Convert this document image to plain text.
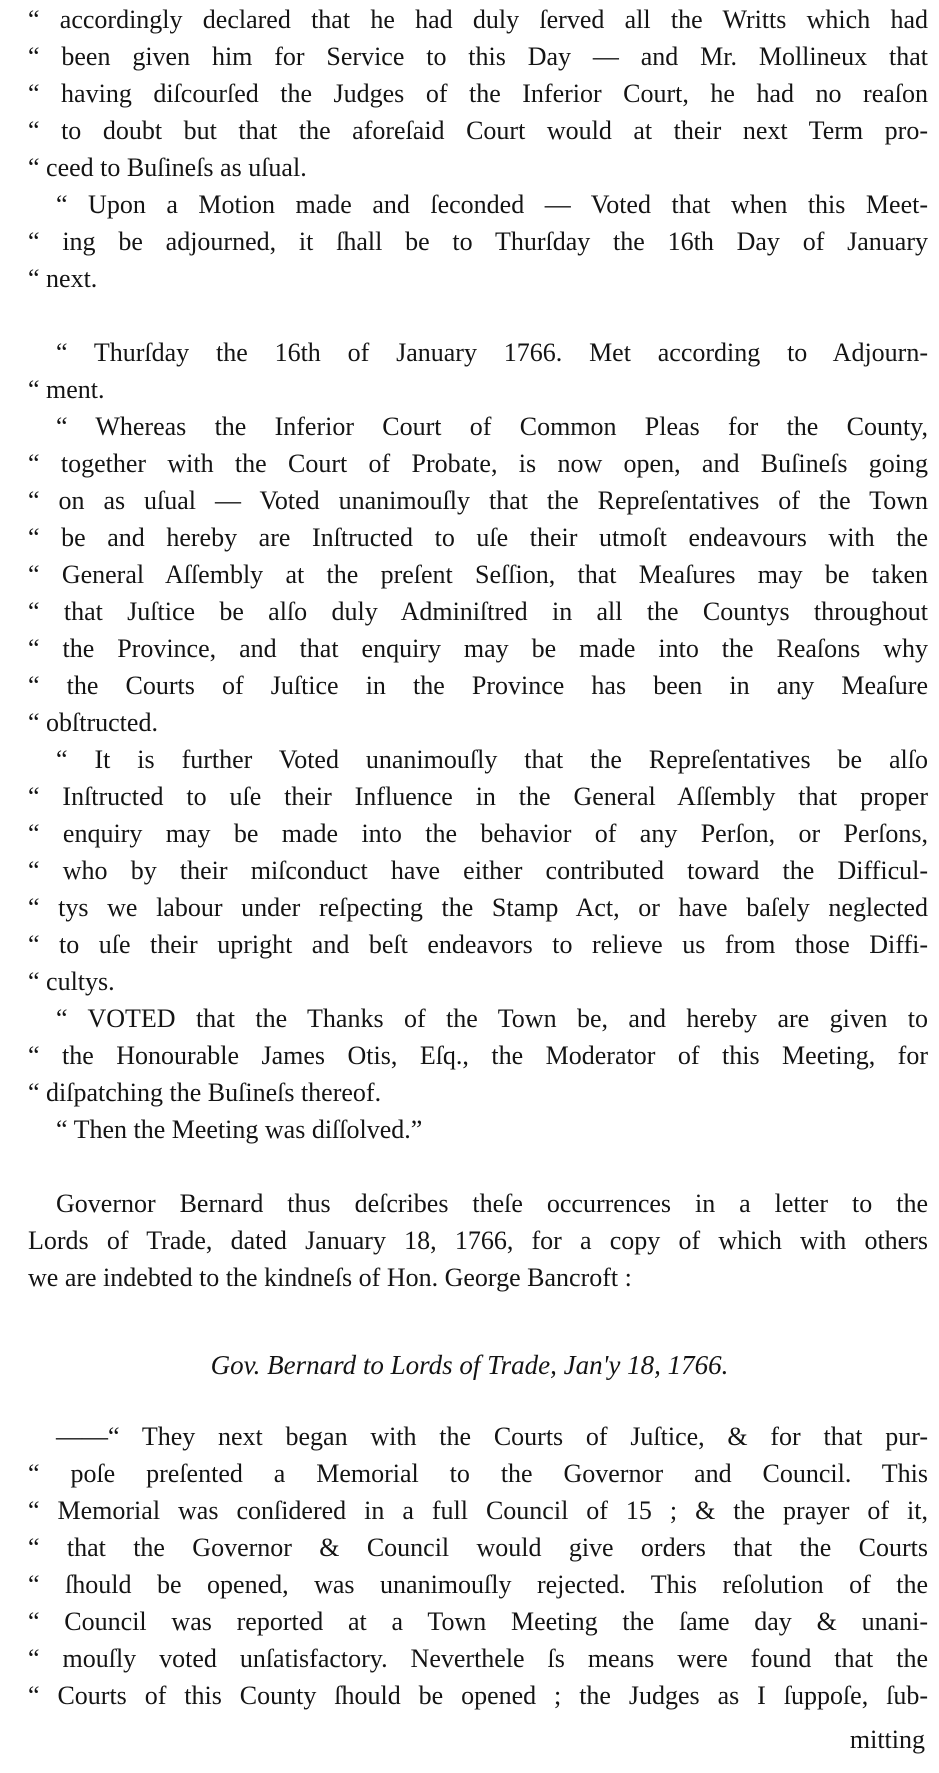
“ accordingly declared that he had duly ſerved all the Writts which had
“ been given him for Service to this Day — and Mr. Mollineux that
“ having diſcourſed the Judges of the Inferior Court, he had no reaſon
“ to doubt but that the aforeſaid Court would at their next Term pro-
“ ceed to Buſineſs as uſual.
“ Upon a Motion made and ſeconded — Voted that when this Meet-
“ ing be adjourned, it ſhall be to Thurſday the 16th Day of January
“ next.
“ Thurſday the 16th of January 1766. Met according to Adjourn-
“ ment.
“ Whereas the Inferior Court of Common Pleas for the County,
“ together with the Court of Probate, is now open, and Buſineſs going
“ on as uſual — Voted unanimouſly that the Repreſentatives of the Town
“ be and hereby are Inſtructed to uſe their utmoſt endeavours with the
“ General Aſſembly at the preſent Seſſion, that Meaſures may be taken
“ that Juſtice be alſo duly Adminiſtred in all the Countys throughout
“ the Province, and that enquiry may be made into the Reaſons why
“ the Courts of Juſtice in the Province has been in any Meaſure
“ obſtructed.
“ It is further Voted unanimouſly that the Repreſentatives be alſo
“ Inſtructed to uſe their Influence in the General Aſſembly that proper
“ enquiry may be made into the behavior of any Perſon, or Perſons,
“ who by their miſconduct have either contributed toward the Difficul-
“ tys we labour under reſpecting the Stamp Act, or have baſely neglected
“ to uſe their upright and beſt endeavors to relieve us from those Diffi-
“ cultys.
“ VOTED that the Thanks of the Town be, and hereby are given to
“ the Honourable James Otis, Eſq., the Moderator of this Meeting, for
“ diſpatching the Buſineſs thereof.
“ Then the Meeting was diſſolved.”
Governor Bernard thus deſcribes theſe occurrences in a letter to the
Lords of Trade, dated January 18, 1766, for a copy of which with others
we are indebted to the kindneſs of Hon. George Bancroft :
Gov. Bernard to Lords of Trade, Jan'y 18, 1766.
——“ They next began with the Courts of Juſtice, & for that pur-
“ poſe preſented a Memorial to the Governor and Council. This
“ Memorial was conſidered in a full Council of 15 ; & the prayer of it,
“ that the Governor & Council would give orders that the Courts
“ ſhould be opened, was unanimouſly rejected. This reſolution of the
“ Council was reported at a Town Meeting the ſame day & unani-
“ mouſly voted unſatisfactory. Neverthele ſs means were found that the
“ Courts of this County ſhould be opened ; the Judges as I ſuppoſe, ſub-
mitting
